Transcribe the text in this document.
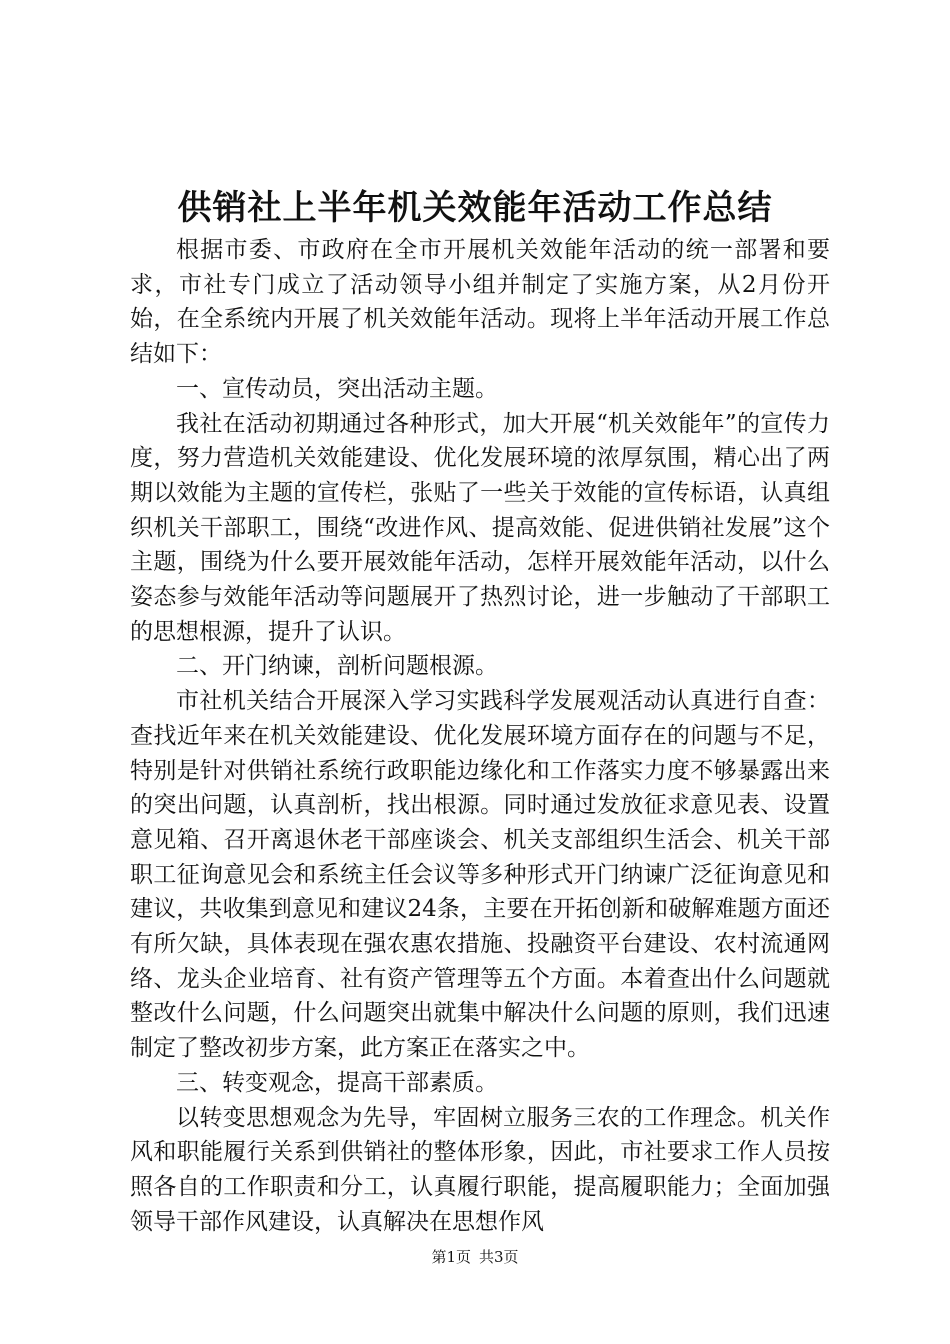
供销社上半年机关效能年活动工作总结

根据市委、市政府在全市开展机关效能年活动的统一部署和要求，市社专门成立了活动领导小组并制定了实施方案，从2月份开始，在全系统内开展了机关效能年活动。现将上半年活动开展工作总结如下：

一、宣传动员，突出活动主题。

我社在活动初期通过各种形式，加大开展“机关效能年”的宣传力度，努力营造机关效能建设、优化发展环境的浓厚氛围，精心出了两期以效能为主题的宣传栏，张贴了一些关于效能的宣传标语，认真组织机关干部职工，围绕“改进作风、提高效能、促进供销社发展”这个主题，围绕为什么要开展效能年活动，怎样开展效能年活动，以什么姿态参与效能年活动等问题展开了热烈讨论，进一步触动了干部职工的思想根源，提升了认识。

二、开门纳谏，剖析问题根源。

市社机关结合开展深入学习实践科学发展观活动认真进行自查：查找近年来在机关效能建设、优化发展环境方面存在的问题与不足，特别是针对供销社系统行政职能边缘化和工作落实力度不够暴露出来的突出问题，认真剖析，找出根源。同时通过发放征求意见表、设置意见箱、召开离退休老干部座谈会、机关支部组织生活会、机关干部职工征询意见会和系统主任会议等多种形式开门纳谏广泛征询意见和建议，共收集到意见和建议24条，主要在开拓创新和破解难题方面还有所欠缺，具体表现在强农惠农措施、投融资平台建设、农村流通网络、龙头企业培育、社有资产管理等五个方面。本着查出什么问题就整改什么问题，什么问题突出就集中解决什么问题的原则，我们迅速制定了整改初步方案，此方案正在落实之中。

三、转变观念，提高干部素质。

以转变思想观念为先导，牢固树立服务三农的工作理念。机关作风和职能履行关系到供销社的整体形象，因此，市社要求工作人员按照各自的工作职责和分工，认真履行职能，提高履职能力；全面加强领导干部作风建设，认真解决在思想作风

第1页 共3页
